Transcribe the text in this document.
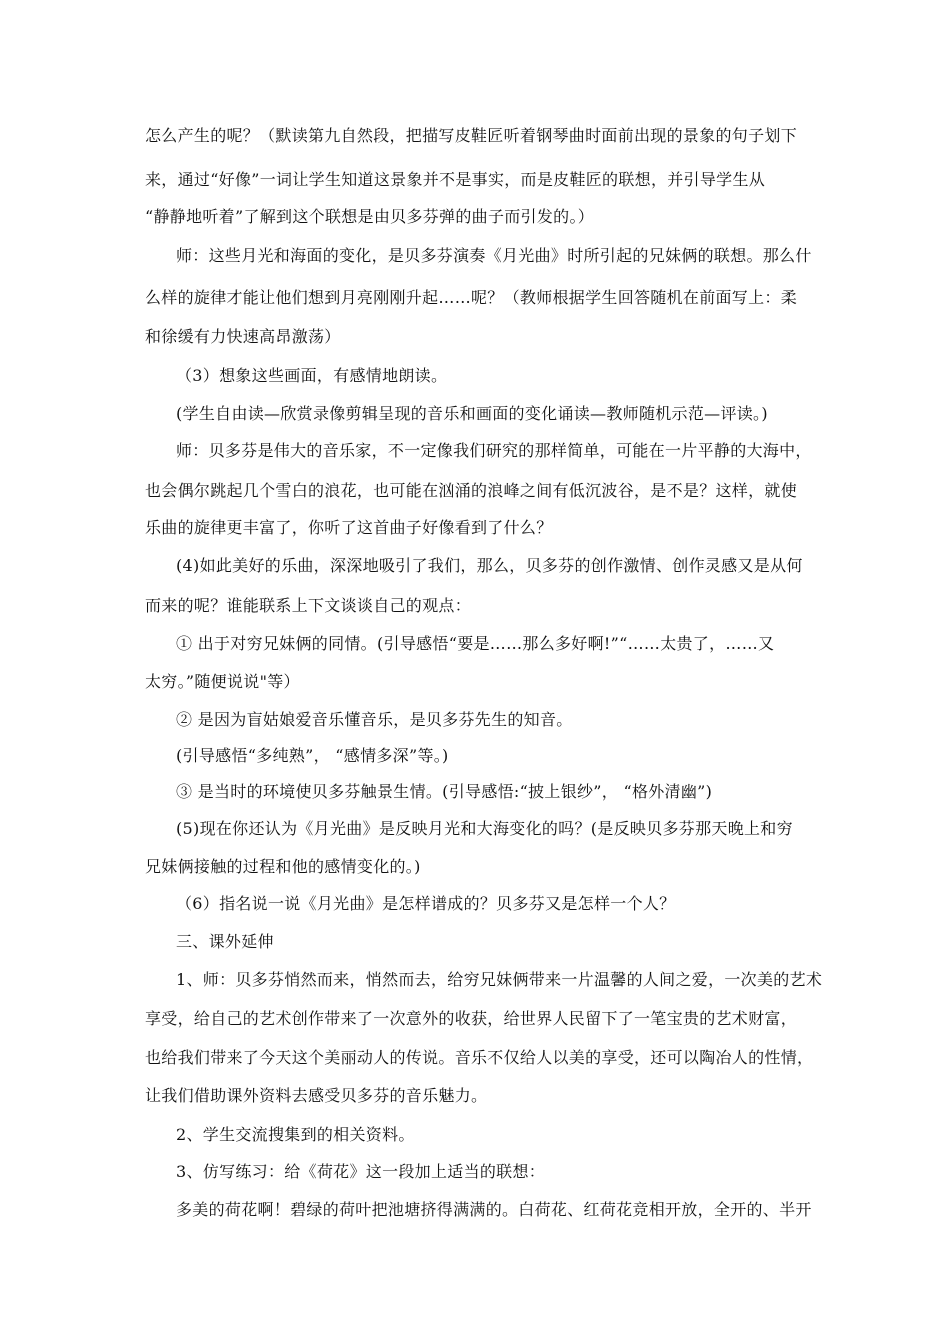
怎么产生的呢？（默读第九自然段，把描写皮鞋匠听着钢琴曲时面前出现的景象的句子划下
来，通过“好像”一词让学生知道这景象并不是事实，而是皮鞋匠的联想，并引导学生从
“静静地听着”了解到这个联想是由贝多芬弹的曲子而引发的。）
师：这些月光和海面的变化，是贝多芬演奏《月光曲》时所引起的兄妹俩的联想。那么什
么样的旋律才能让他们想到月亮刚刚升起……呢？（教师根据学生回答随机在前面写上：柔
和徐缓有力快速高昂激荡）
（3）想象这些画面，有感情地朗读。
(学生自由读—欣赏录像剪辑呈现的音乐和画面的变化诵读—教师随机示范—评读。)
师：贝多芬是伟大的音乐家，不一定像我们研究的那样简单，可能在一片平静的大海中，
也会偶尔跳起几个雪白的浪花，也可能在汹涌的浪峰之间有低沉波谷，是不是？这样，就使
乐曲的旋律更丰富了，你听了这首曲子好像看到了什么？
(4)如此美好的乐曲，深深地吸引了我们，那么，贝多芬的创作激情、创作灵感又是从何
而来的呢？谁能联系上下文谈谈自己的观点：
① 出于对穷兄妹俩的同情。(引导感悟“要是……那么多好啊!”“……太贵了，……又
太穷。”随便说说"等）
② 是因为盲姑娘爱音乐懂音乐，是贝多芬先生的知音。
(引导感悟“多纯熟”， “感情多深”等。)
③ 是当时的环境使贝多芬触景生情。(引导感悟:“披上银纱”， “格外清幽”)
(5)现在你还认为《月光曲》是反映月光和大海变化的吗？(是反映贝多芬那天晚上和穷
兄妹俩接触的过程和他的感情变化的。)
（6）指名说一说《月光曲》是怎样谱成的？贝多芬又是怎样一个人？
三、课外延伸
1、师：贝多芬悄然而来，悄然而去，给穷兄妹俩带来一片温馨的人间之爱，一次美的艺术
享受，给自己的艺术创作带来了一次意外的收获，给世界人民留下了一笔宝贵的艺术财富，
也给我们带来了今天这个美丽动人的传说。音乐不仅给人以美的享受，还可以陶冶人的性情，
让我们借助课外资料去感受贝多芬的音乐魅力。
2、学生交流搜集到的相关资料。
3、仿写练习：给《荷花》这一段加上适当的联想：
多美的荷花啊！碧绿的荷叶把池塘挤得满满的。白荷花、红荷花竞相开放，全开的、半开
